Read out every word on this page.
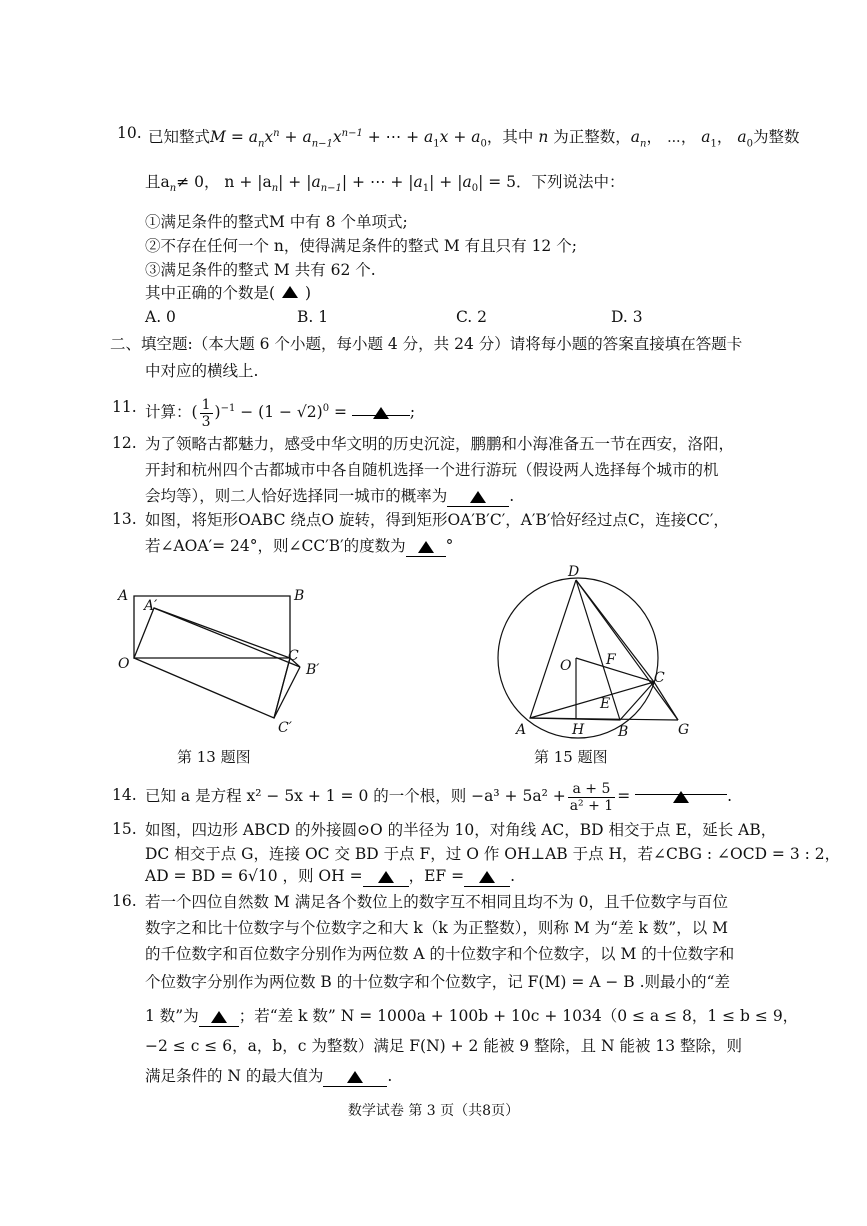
10. 已知整式$M = a_nx^n + a_{n-1}x^{n-1}$ + ⋯ + $a_1x + a_0$，其中 n 为正整数，$a_n$， ⋯， $a_1$， $a_0$为整数
且$a_n\ne 0$， $n + |a_n| + |a_{n-1}|$ + ⋯ + $|a_1| + |a_0| = 5$．下列说法中：
①满足条件的整式M 中有 8 个单项式;
②不存在任何一个 n，使得满足条件的整式 M 有且只有 12 个;
③满足条件的整式 M 共有 62 个.
其中正确的个数是( )
A. 0	B. 1	C. 2	D. 3
二、填空题:（本大题 6 个小题，每小题 4 分，共 24 分）请将每小题的答案直接填在答题卡
中对应的横线上.
11. 计算：( $\frac{1}{3} )^{-1} - (1 - √2)^0$ =	;
12. 为了领略古都魅力，感受中华文明的历史沉淀，鹏鹏和小海准备五一节在西安，洛阳，
开封和杭州四个古都城市中各自随机选择一个进行游玩（假设两人选择每个城市的机
会均等），则二人恰好选择同一城市的概率为	.
13. 如图，将矩形OABC 绕点O 旋转，得到矩形OA′B′C′，A′B′恰好经过点C，连接CC′，
若∠AOA′= 24°，则∠CC′B′的度数为	°
A
A′
B
O	C
B′
C′
第 13 题图
D
O F
C
E
A	H B	G
第 15 题图
14. 已知 a 是方程 x² − 5x + 1 = 0 的一个根，则 $-a^3 + 5a^2 + \frac{a + 5}{\text{a² + 1}}$ =	.
15. 如图，四边形 ABCD 的外接圆⊙O 的半径为 10，对角线 AC，BD 相交于点 E，延长 AB，
DC 相交于点 G，连接 OC 交 BD 于点 F，过 O 作 OH⊥AB 于点 H，若∠CBG : ∠OCD = 3 : 2，
AD = BD = 6√10 ，则 OH =	，EF =	.
16. 若一个四位自然数 M 满足各个数位上的数字互不相同且均不为 0，且千位数字与百位
数字之和比十位数字与个位数字之和大 k（k 为正整数），则称 M 为“差 k 数”，以 M
的千位数字和百位数字分别作为两位数 A 的十位数字和个位数字，以 M 的十位数字和
个位数字分别作为两位数 B 的十位数字和个位数字，记 F(M) = A − B .则最小的“差
1 数”为	；若“差 k 数” N = 1000a + 100b + 10c + 1034（0 ≤ a ≤ 8，1 ≤ b ≤ 9，
−2 ≤ c ≤ 6，a，b，c 为整数）满足 F(N) + 2 能被 9 整除，且 N 能被 13 整除，则
满足条件的 N 的最大值为	.
数学试卷 第 3 页（共8页）
